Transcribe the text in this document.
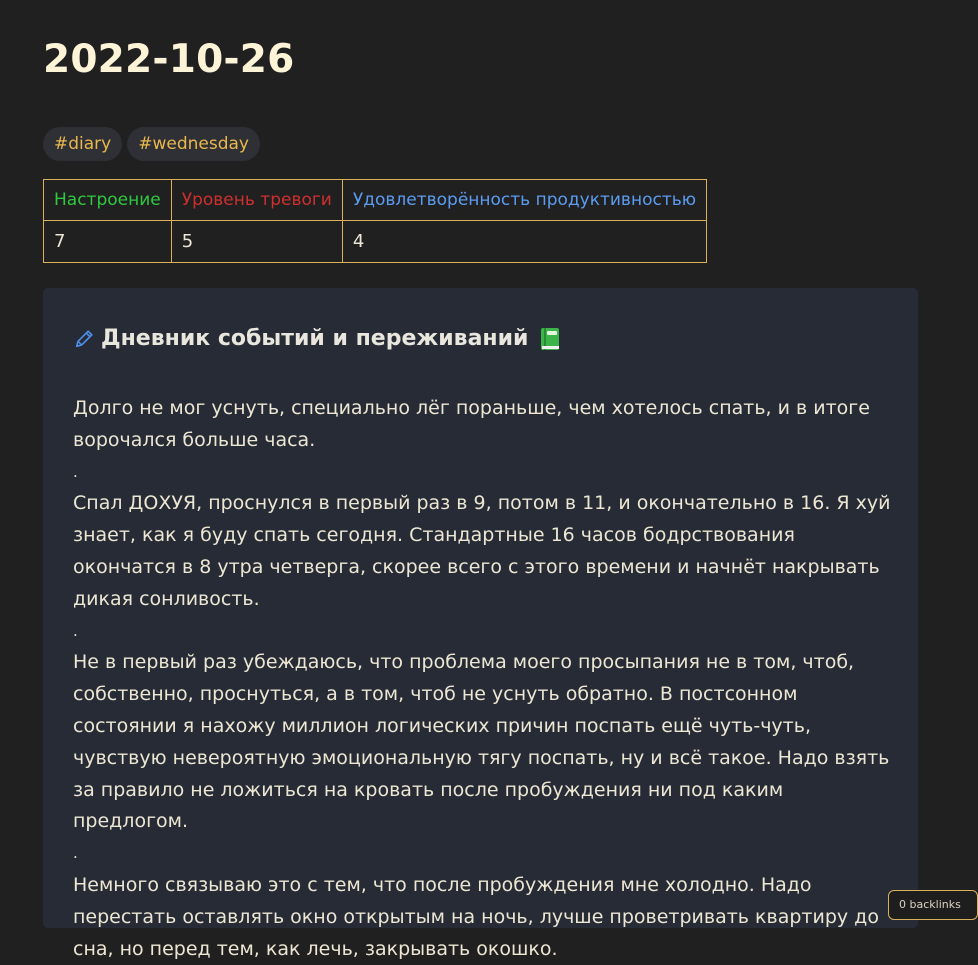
2022-10-26
#diary	#wednesday
Настроение	Уровень тревоги	Удовлетворённость продуктивностью
7	5	4
Дневник событий и переживаний

Долго не мог уснуть, специально лёг пораньше, чем хотелось спать, и в итоге ворочался больше часа.

.

Спал ДОХУЯ, проснулся в первый раз в 9, потом в 11, и окончательно в 16. Я хуй знает, как я буду спать сегодня. Стандартные 16 часов бодрствования окончатся в 8 утра четверга, скорее всего с этого времени и начнёт накрывать дикая сонливость.

.

Не в первый раз убеждаюсь, что проблема моего просыпания не в том, чтоб, собственно, проснуться, а в том, чтоб не уснуть обратно. В постсонном состоянии я нахожу миллион логических причин поспать ещё чуть-чуть, чувствую невероятную эмоциональную тягу поспать, ну и всё такое. Надо взять за правило не ложиться на кровать после пробуждения ни под каким предлогом.

.

Немного связываю это с тем, что после пробуждения мне холодно. Надо перестать оставлять окно открытым на ночь, лучше проветривать квартиру до сна, но перед тем, как лечь, закрывать окошко.

0 backlinks
